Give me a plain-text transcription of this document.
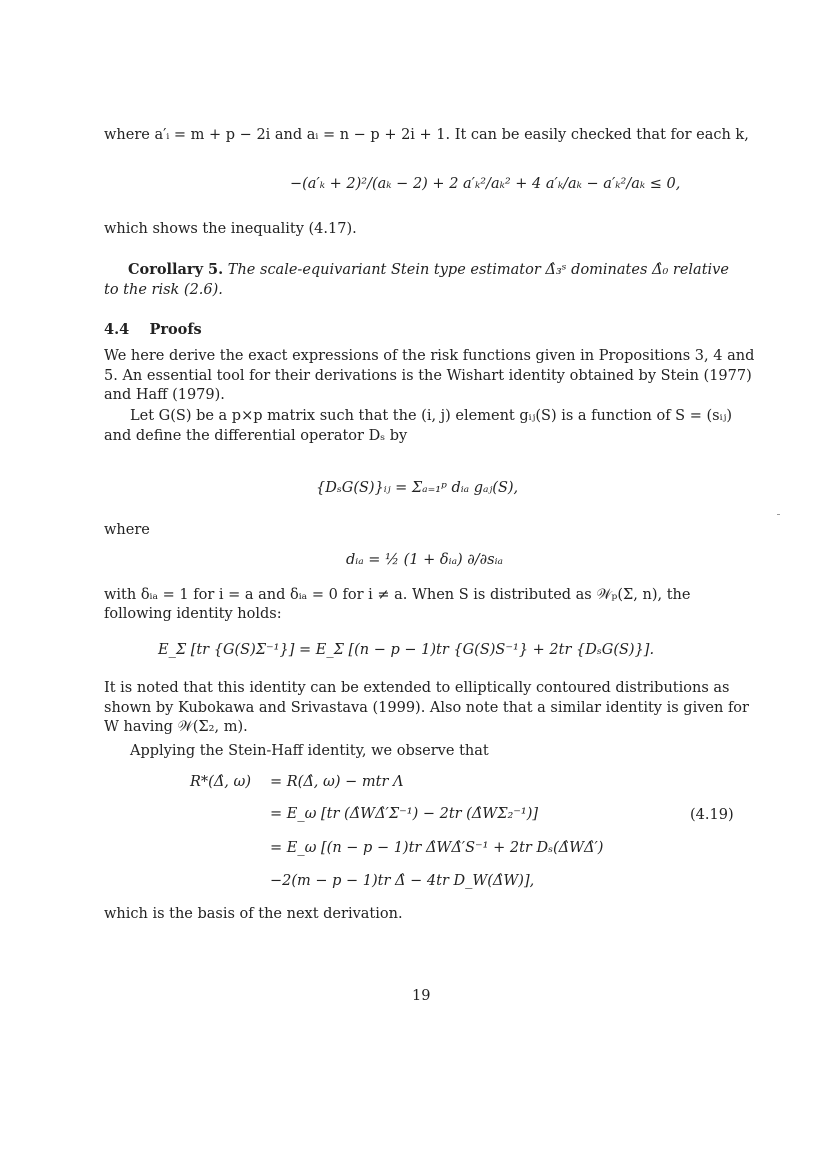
where a′ᵢ = m + p − 2i and aᵢ = n − p + 2i + 1. It can be easily checked that for each k,
−(a′ₖ + 2)²/(aₖ − 2) + 2 a′ₖ²/aₖ² + 4 a′ₖ/aₖ − a′ₖ²/aₖ ≤ 0,
which shows the inequality (4.17).
Corollary 5. The scale-equivariant Stein type estimator Δ̂₃ˢ dominates Δ̂₀ relative
to the risk (2.6).
4.4 Proofs
We here derive the exact expressions of the risk functions given in Propositions 3, 4 and
5. An essential tool for their derivations is the Wishart identity obtained by Stein (1977)
and Haff (1979).
Let G(S) be a p×p matrix such that the (i, j) element gᵢⱼ(S) is a function of S = (sᵢⱼ)
and define the differential operator Dₛ by
{DₛG(S)}ᵢⱼ = Σₐ₌₁ᵖ dᵢₐ gₐⱼ(S),
where
dᵢₐ = ½ (1 + δᵢₐ) ∂/∂sᵢₐ
with δᵢₐ = 1 for i = a and δᵢₐ = 0 for i ≠ a. When S is distributed as 𝒲ₚ(Σ, n), the
following identity holds:
E_Σ [tr {G(S)Σ⁻¹}] = E_Σ [(n − p − 1)tr {G(S)S⁻¹} + 2tr {DₛG(S)}].
It is noted that this identity can be extended to elliptically contoured distributions as
shown by Kubokawa and Srivastava (1999). Also note that a similar identity is given for
W having 𝒲(Σ₂, m).
Applying the Stein-Haff identity, we observe that
R*(Δ̂, ω) = R(Δ̂, ω) − mtr Λ
= E_ω [tr (Δ̂WΔ̂′Σ⁻¹) − 2tr (Δ̂WΣ₂⁻¹)]
= E_ω [(n − p − 1)tr Δ̂WΔ̂′S⁻¹ + 2tr Dₛ(Δ̂WΔ̂′)
−2(m − p − 1)tr Δ̂ − 4tr D_W(Δ̂W)],
(4.19)
which is the basis of the next derivation.
19
